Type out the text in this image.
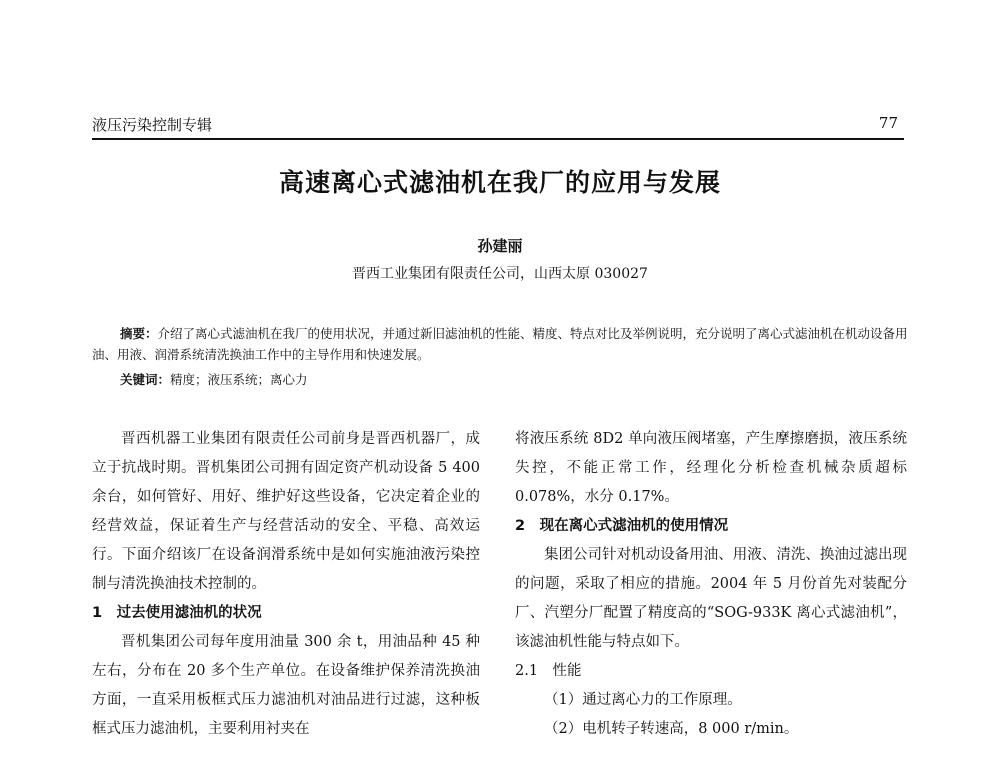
液压污染控制专辑	77
高速离心式滤油机在我厂的应用与发展
孙建丽
晋西工业集团有限责任公司，山西太原 030027

摘要：介绍了离心式滤油机在我厂的使用状况，并通过新旧滤油机的性能、精度、特点对比及举例说明，充分说明了离心式滤油机在机动设备用油、用液、润滑系统清洗换油工作中的主导作用和快速发展。

关键词：精度；液压系统；离心力

晋西机器工业集团有限责任公司前身是晋西机器厂，成立于抗战时期。晋机集团公司拥有固定资产机动设备 5 400 余台，如何管好、用好、维护好这些设备，它决定着企业的经营效益，保证着生产与经营活动的安全、平稳、高效运行。下面介绍该厂在设备润滑系统中是如何实施油液污染控制与清洗换油技术控制的。

1　过去使用滤油机的状况

晋机集团公司每年度用油量 300 余 t，用油品种 45 种左右，分布在 20 多个生产单位。在设备维护保养清洗换油方面，一直采用板框式压力滤油机对油品进行过滤，这种板框式压力滤油机，主要利用衬夹在

将液压系统 8D2 单向液压阀堵塞，产生摩擦磨损，液压系统失控，不能正常工作，经理化分析检查机械杂质超标 0.078%，水分 0.17%。

2　现在离心式滤油机的使用情况

集团公司针对机动设备用油、用液、清洗、换油过滤出现的问题，采取了相应的措施。2004 年 5 月份首先对装配分厂、汽塑分厂配置了精度高的“SOG-933K 离心式滤油机”，该滤油机性能与特点如下。

2.1　性能

（1）通过离心力的工作原理。

（2）电机转子转速高，8 000 r/min。
